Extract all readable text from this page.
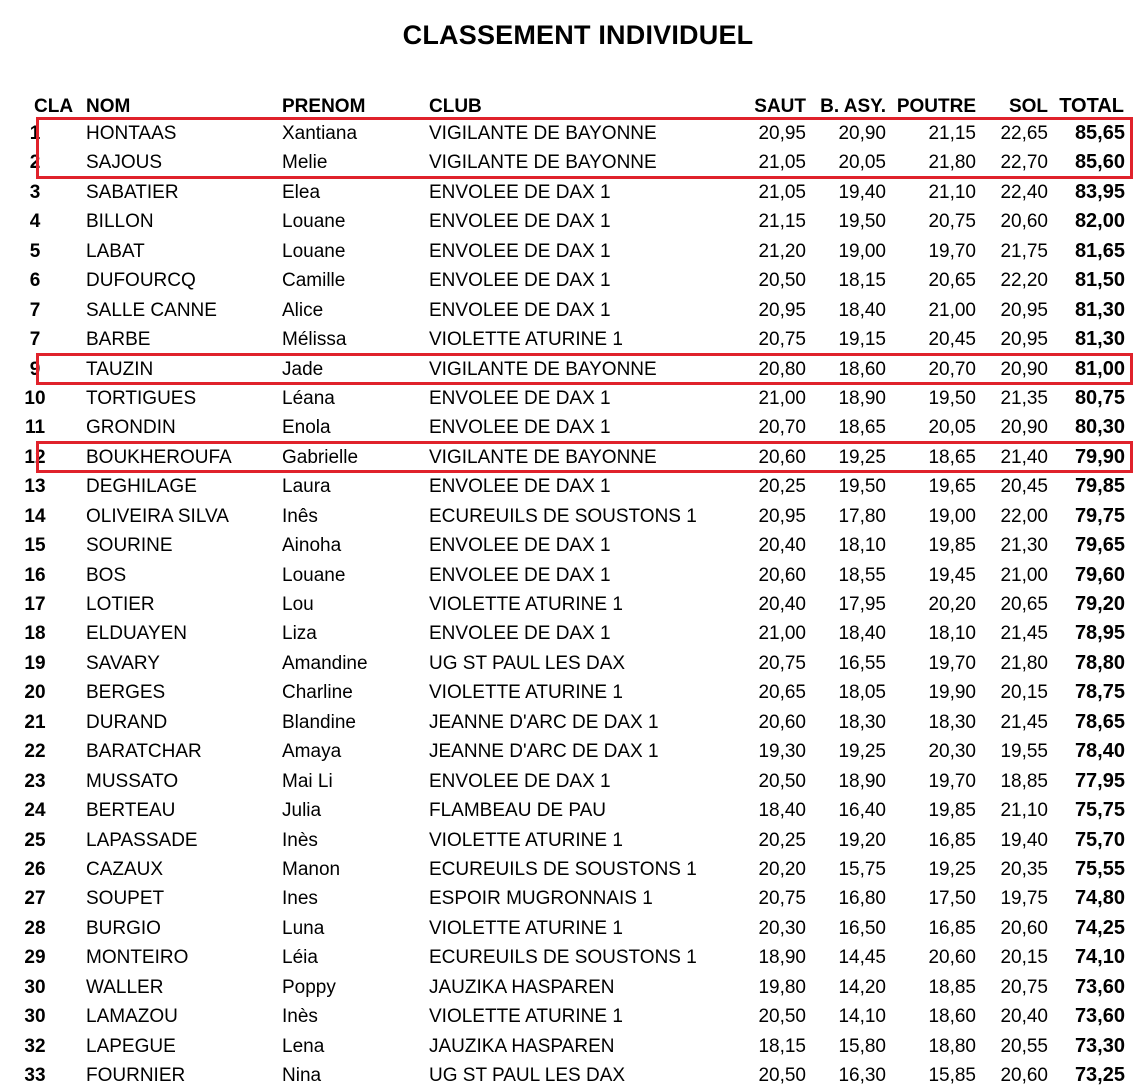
CLASSEMENT INDIVIDUEL
CLA NOM	PRENOM	CLUB	SAUT B. ASY. POUTRE SOL TOTAL
1	HONTAAS	Xantiana	VIGILANTE DE BAYONNE	20,95 20,90 21,15 22,65 85,65
2	SAJOUS	Melie	VIGILANTE DE BAYONNE	21,05 20,05 21,80 22,70 85,60
3	SABATIER	Elea	ENVOLEE DE DAX 1	21,05 19,40 21,10 22,40 83,95
4	BILLON	Louane	ENVOLEE DE DAX 1	21,15 19,50 20,75 20,60 82,00
5	LABAT	Louane	ENVOLEE DE DAX 1	21,20 19,00 19,70 21,75 81,65
6	DUFOURCQ	Camille	ENVOLEE DE DAX 1	20,50 18,15 20,65 22,20 81,50
7	SALLE CANNE	Alice	ENVOLEE DE DAX 1	20,95 18,40 21,00 20,95 81,30
7	BARBE	Mélissa	VIOLETTE ATURINE 1	20,75 19,15 20,45 20,95 81,30
9	TAUZIN	Jade	VIGILANTE DE BAYONNE	20,80 18,60 20,70 20,90 81,00
10	TORTIGUES	Léana	ENVOLEE DE DAX 1	21,00 18,90 19,50 21,35 80,75
11	GRONDIN	Enola	ENVOLEE DE DAX 1	20,70 18,65 20,05 20,90 80,30
12	BOUKHEROUFA	Gabrielle	VIGILANTE DE BAYONNE	20,60 19,25 18,65 21,40 79,90
13	DEGHILAGE	Laura	ENVOLEE DE DAX 1	20,25 19,50 19,65 20,45 79,85
14	OLIVEIRA SILVA	Inês	ECUREUILS DE SOUSTONS 1	20,95 17,80 19,00 22,00 79,75
15	SOURINE	Ainoha	ENVOLEE DE DAX 1	20,40 18,10 19,85 21,30 79,65
16	BOS	Louane	ENVOLEE DE DAX 1	20,60 18,55 19,45 21,00 79,60
17	LOTIER	Lou	VIOLETTE ATURINE 1	20,40 17,95 20,20 20,65 79,20
18	ELDUAYEN	Liza	ENVOLEE DE DAX 1	21,00 18,40 18,10 21,45 78,95
19	SAVARY	Amandine	UG ST PAUL LES DAX	20,75 16,55 19,70 21,80 78,80
20	BERGES	Charline	VIOLETTE ATURINE 1	20,65 18,05 19,90 20,15 78,75
21	DURAND	Blandine	JEANNE D'ARC DE DAX 1	20,60 18,30 18,30 21,45 78,65
22	BARATCHAR	Amaya	JEANNE D'ARC DE DAX 1	19,30 19,25 20,30 19,55 78,40
23	MUSSATO	Mai Li	ENVOLEE DE DAX 1	20,50 18,90 19,70 18,85 77,95
24	BERTEAU	Julia	FLAMBEAU DE PAU	18,40 16,40 19,85 21,10 75,75
25	LAPASSADE	Inès	VIOLETTE ATURINE 1	20,25 19,20 16,85 19,40 75,70
26	CAZAUX	Manon	ECUREUILS DE SOUSTONS 1	20,20 15,75 19,25 20,35 75,55
27	SOUPET	Ines	ESPOIR MUGRONNAIS 1	20,75 16,80 17,50 19,75 74,80
28	BURGIO	Luna	VIOLETTE ATURINE 1	20,30 16,50 16,85 20,60 74,25
29	MONTEIRO	Léia	ECUREUILS DE SOUSTONS 1	18,90 14,45 20,60 20,15 74,10
30	WALLER	Poppy	JAUZIKA HASPAREN	19,80 14,20 18,85 20,75 73,60
30	LAMAZOU	Inès	VIOLETTE ATURINE 1	20,50 14,10 18,60 20,40 73,60
32	LAPEGUE	Lena	JAUZIKA HASPAREN	18,15 15,80 18,80 20,55 73,30
33	FOURNIER	Nina	UG ST PAUL LES DAX	20,50 16,30 15,85 20,60 73,25
